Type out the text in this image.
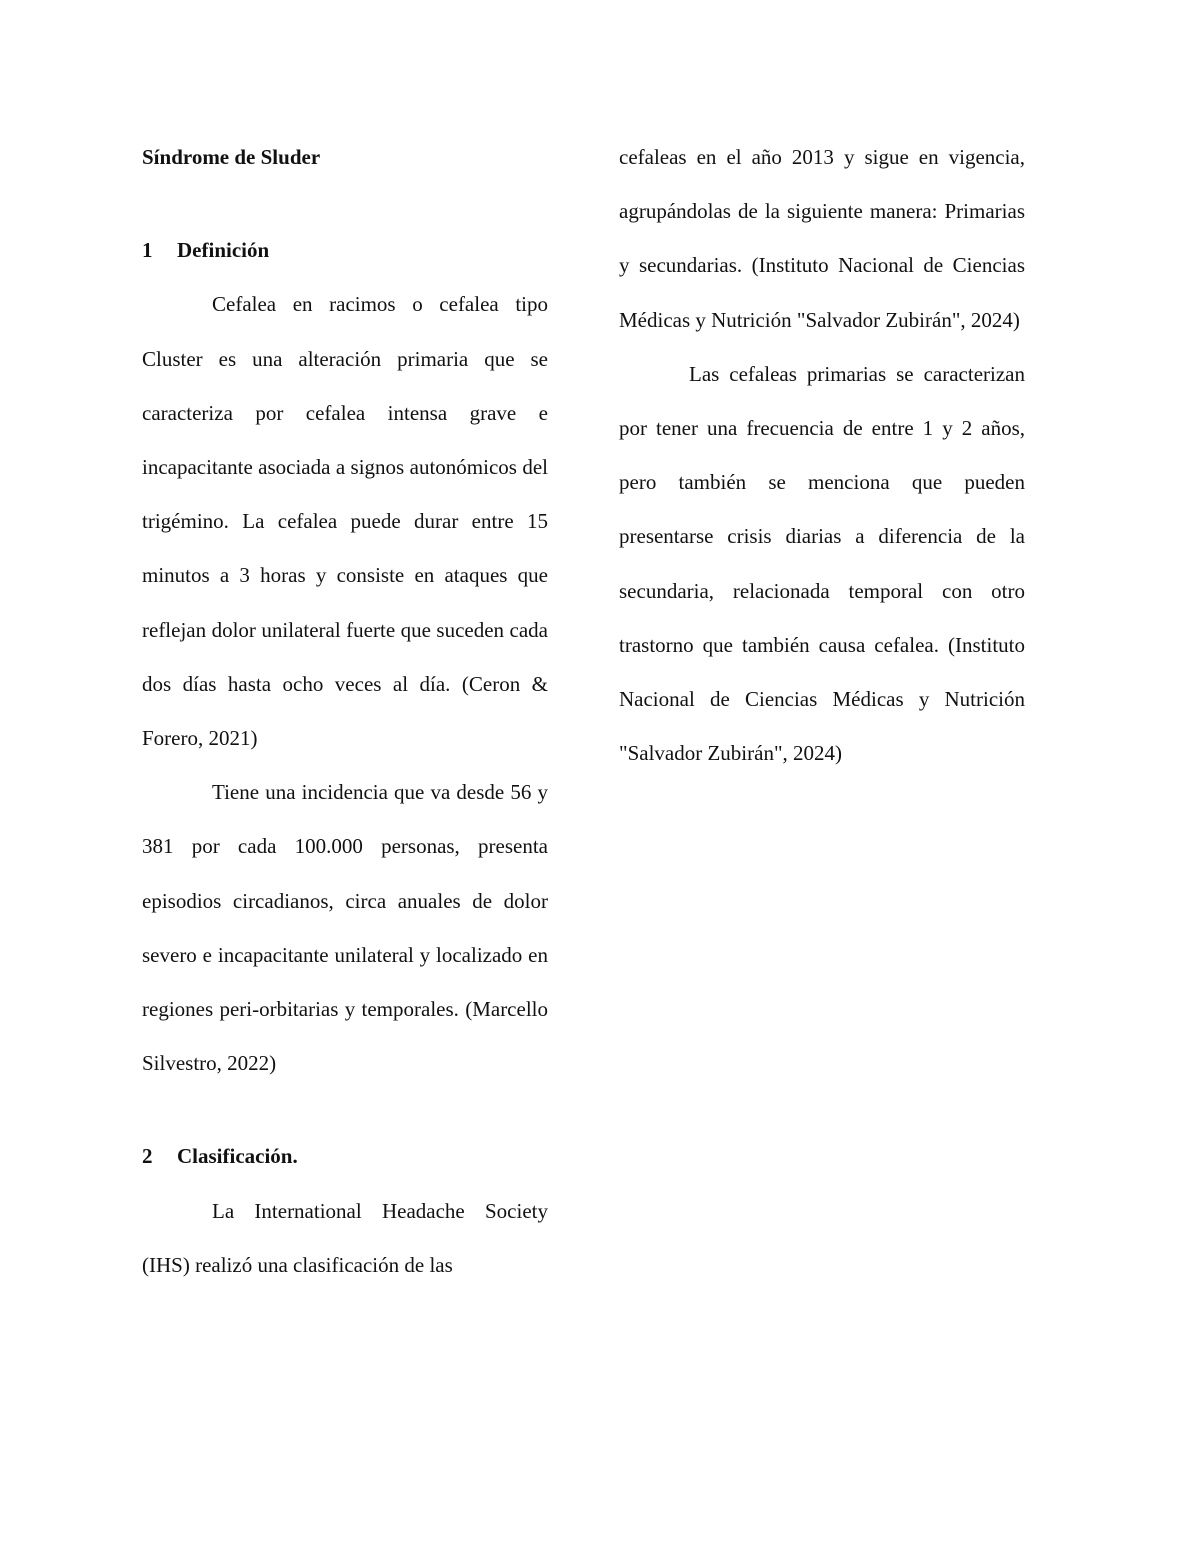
Síndrome de Sluder

1	Definición

Cefalea en racimos o cefalea tipo Cluster es una alteración primaria que se caracteriza por cefalea intensa grave e incapacitante asociada a signos autonómicos del trigémino. La cefalea puede durar entre 15 minutos a 3 horas y consiste en ataques que reflejan dolor unilateral fuerte que suceden cada dos días hasta ocho veces al día. (Ceron & Forero, 2021)

Tiene una incidencia que va desde 56 y 381 por cada 100.000 personas, presenta episodios circadianos, circa anuales de dolor severo e incapacitante unilateral y localizado en regiones peri-orbitarias y temporales. (Marcello Silvestro, 2022)

2	Clasificación.

La International Headache Society (IHS) realizó una clasificación de las

cefaleas en el año 2013 y sigue en vigencia, agrupándolas de la siguiente manera: Primarias y secundarias. (Instituto Nacional de Ciencias Médicas y Nutrición "Salvador Zubirán", 2024)

Las cefaleas primarias se caracterizan por tener una frecuencia de entre 1 y 2 años, pero también se menciona que pueden presentarse crisis diarias a diferencia de la secundaria, relacionada temporal con otro trastorno que también causa cefalea. (Instituto Nacional de Ciencias Médicas y Nutrición "Salvador Zubirán", 2024)
